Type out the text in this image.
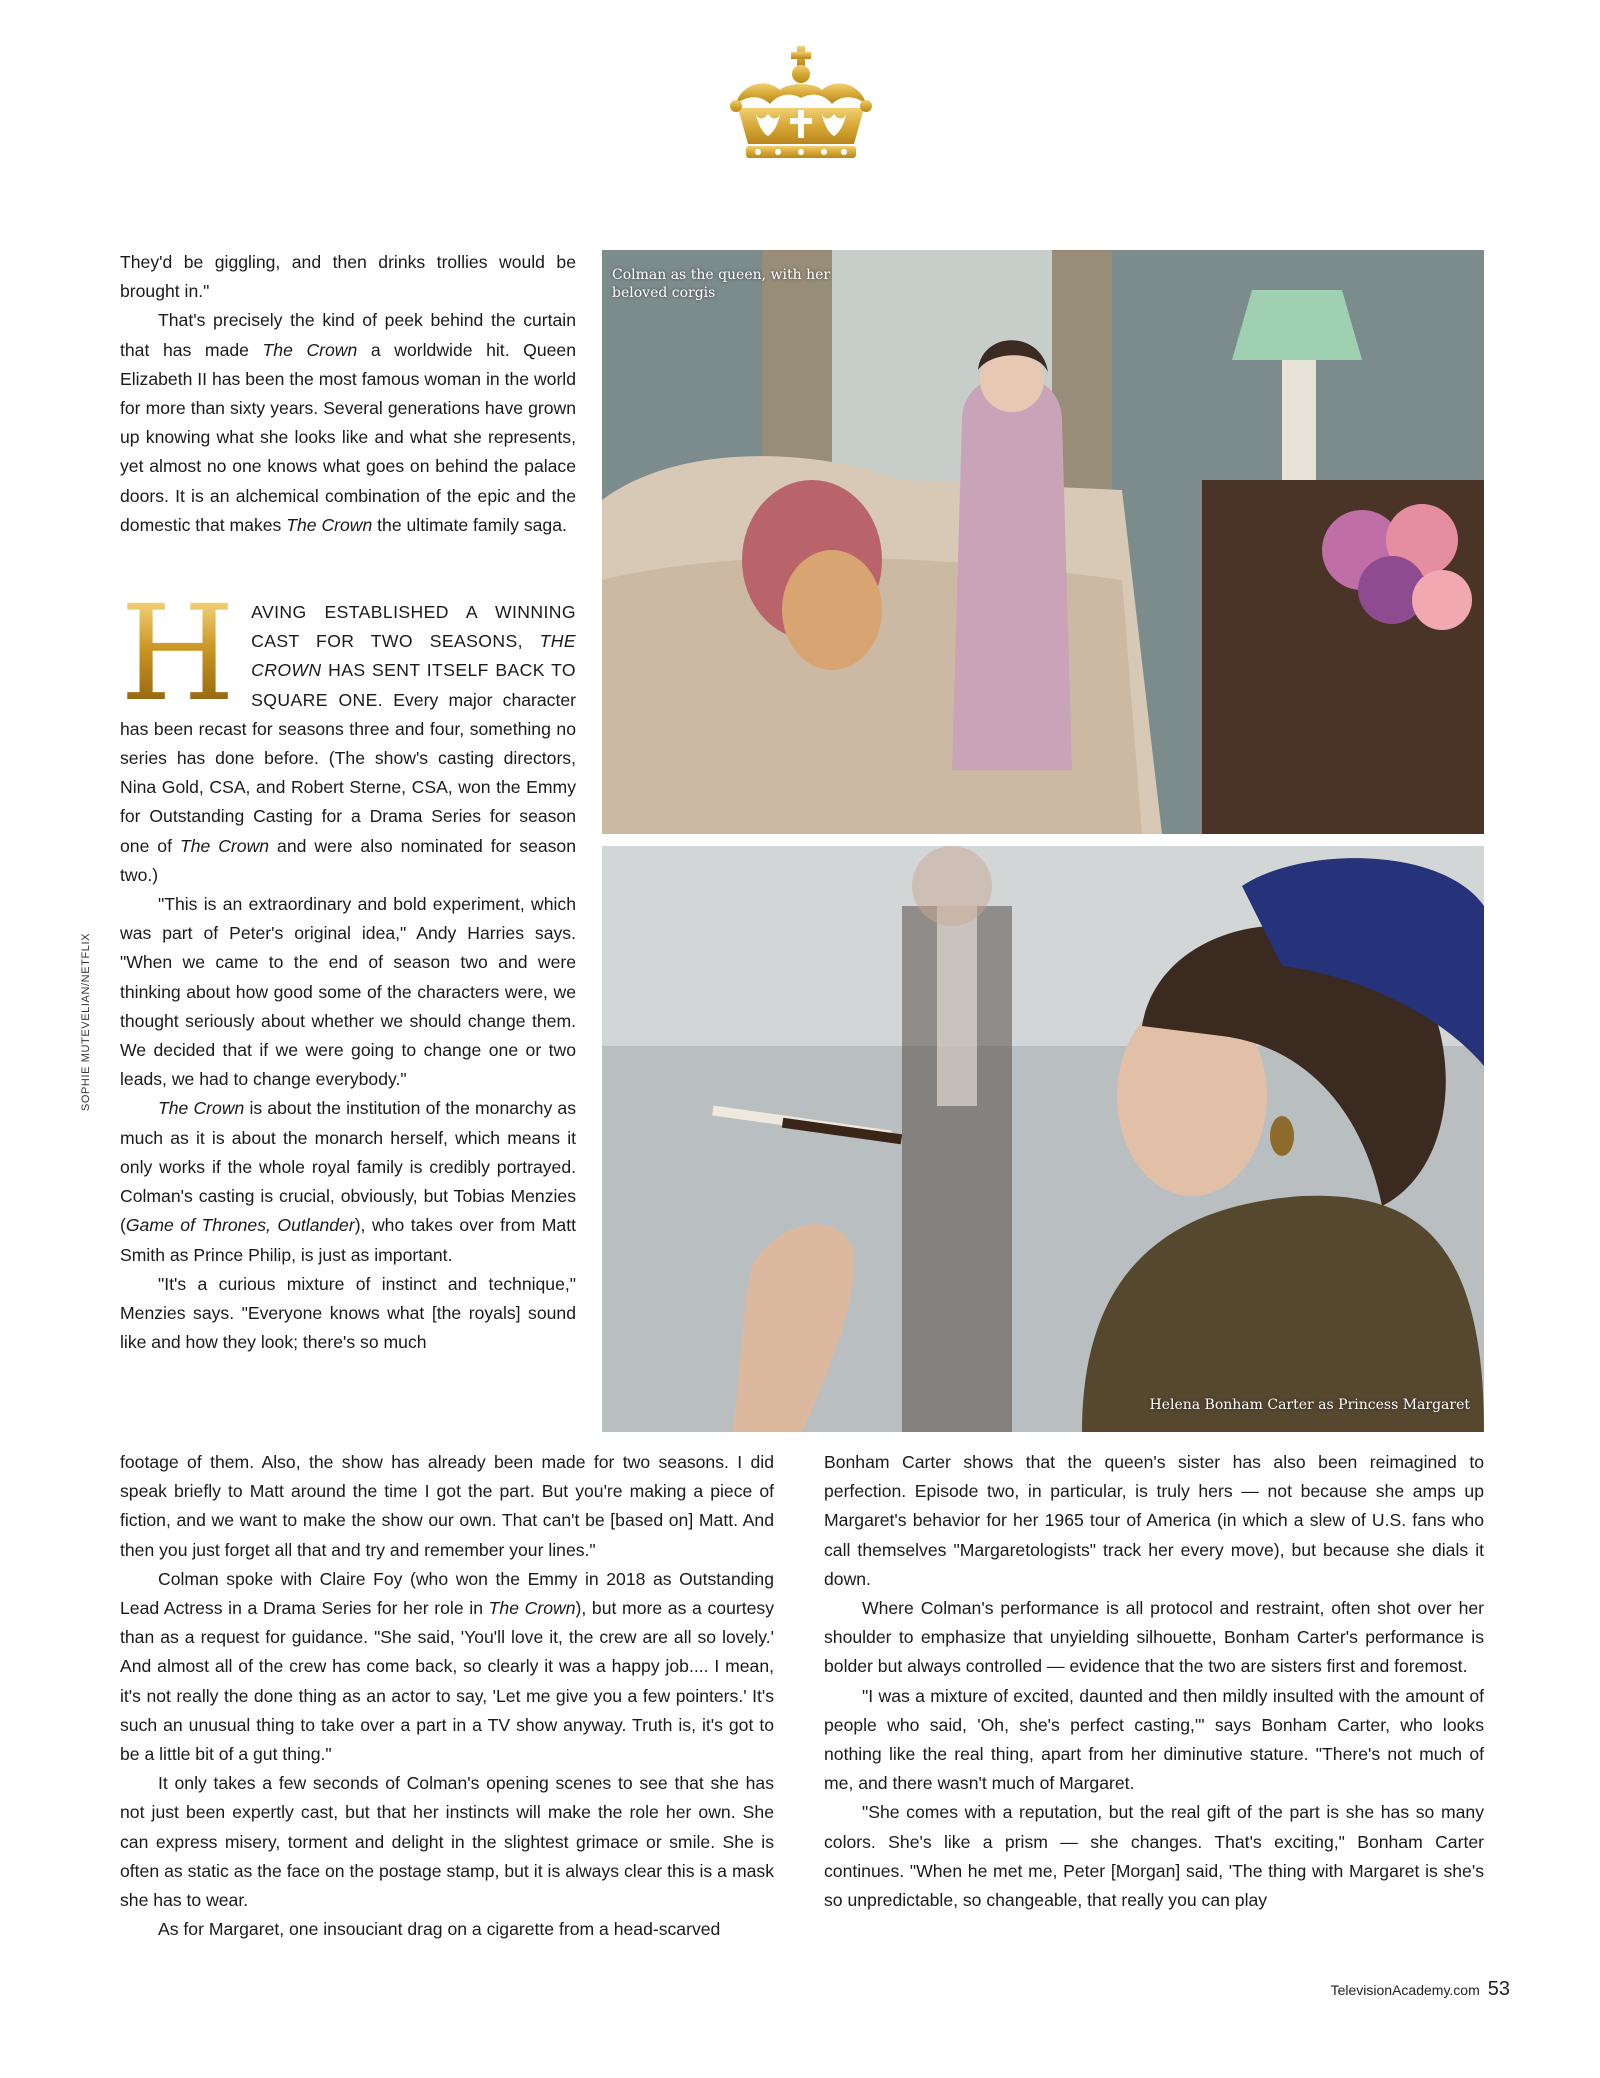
SOPHIE MUTEVELIAN/NETFLIX

They'd be giggling, and then drinks trollies would be brought in."

That's precisely the kind of peek behind the curtain that has made The Crown a worldwide hit. Queen Elizabeth II has been the most famous woman in the world for more than sixty years. Several generations have grown up knowing what she looks like and what she represents, yet almost no one knows what goes on behind the palace doors. It is an alchemical combination of the epic and the domestic that makes The Crown the ultimate family saga.

H AVING ESTABLISHED A WINNING CAST FOR TWO SEASONS, THE CROWN HAS SENT ITSELF BACK TO SQUARE ONE. Every major character has been recast for seasons three and four, something no series has done before. (The show's casting directors, Nina Gold, CSA, and Robert Sterne, CSA, won the Emmy for Outstanding Casting for a Drama Series for season one of The Crown and were also nominated for season two.)

"This is an extraordinary and bold experiment, which was part of Peter's original idea," Andy Harries says. "When we came to the end of season two and were thinking about how good some of the characters were, we thought seriously about whether we should change them. We decided that if we were going to change one or two leads, we had to change everybody."

The Crown is about the institution of the monarchy as much as it is about the monarch herself, which means it only works if the whole royal family is credibly portrayed. Colman's casting is crucial, obviously, but Tobias Menzies (Game of Thrones, Outlander), who takes over from Matt Smith as Prince Philip, is just as important.

"It's a curious mixture of instinct and technique," Menzies says. "Everyone knows what [the royals] sound like and how they look; there's so much

Colman as the queen, with her beloved corgis
Helena Bonham Carter as Princess Margaret

footage of them. Also, the show has already been made for two seasons. I did speak briefly to Matt around the time I got the part. But you're making a piece of fiction, and we want to make the show our own. That can't be [based on] Matt. And then you just forget all that and try and remember your lines."

Colman spoke with Claire Foy (who won the Emmy in 2018 as Outstanding Lead Actress in a Drama Series for her role in The Crown), but more as a courtesy than as a request for guidance. "She said, 'You'll love it, the crew are all so lovely.' And almost all of the crew has come back, so clearly it was a happy job.... I mean, it's not really the done thing as an actor to say, 'Let me give you a few pointers.' It's such an unusual thing to take over a part in a TV show anyway. Truth is, it's got to be a little bit of a gut thing."

It only takes a few seconds of Colman's opening scenes to see that she has not just been expertly cast, but that her instincts will make the role her own. She can express misery, torment and delight in the slightest grimace or smile. She is often as static as the face on the postage stamp, but it is always clear this is a mask she has to wear.

As for Margaret, one insouciant drag on a cigarette from a head-scarved

Bonham Carter shows that the queen's sister has also been reimagined to perfection. Episode two, in particular, is truly hers — not because she amps up Margaret's behavior for her 1965 tour of America (in which a slew of U.S. fans who call themselves "Margaretologists" track her every move), but because she dials it down.

Where Colman's performance is all protocol and restraint, often shot over her shoulder to emphasize that unyielding silhouette, Bonham Carter's performance is bolder but always controlled — evidence that the two are sisters first and foremost.

"I was a mixture of excited, daunted and then mildly insulted with the amount of people who said, 'Oh, she's perfect casting,'" says Bonham Carter, who looks nothing like the real thing, apart from her diminutive stature. "There's not much of me, and there wasn't much of Margaret.

"She comes with a reputation, but the real gift of the part is she has so many colors. She's like a prism — she changes. That's exciting," Bonham Carter continues. "When he met me, Peter [Morgan] said, 'The thing with Margaret is she's so unpredictable, so changeable, that really you can play

TelevisionAcademy.com 53
